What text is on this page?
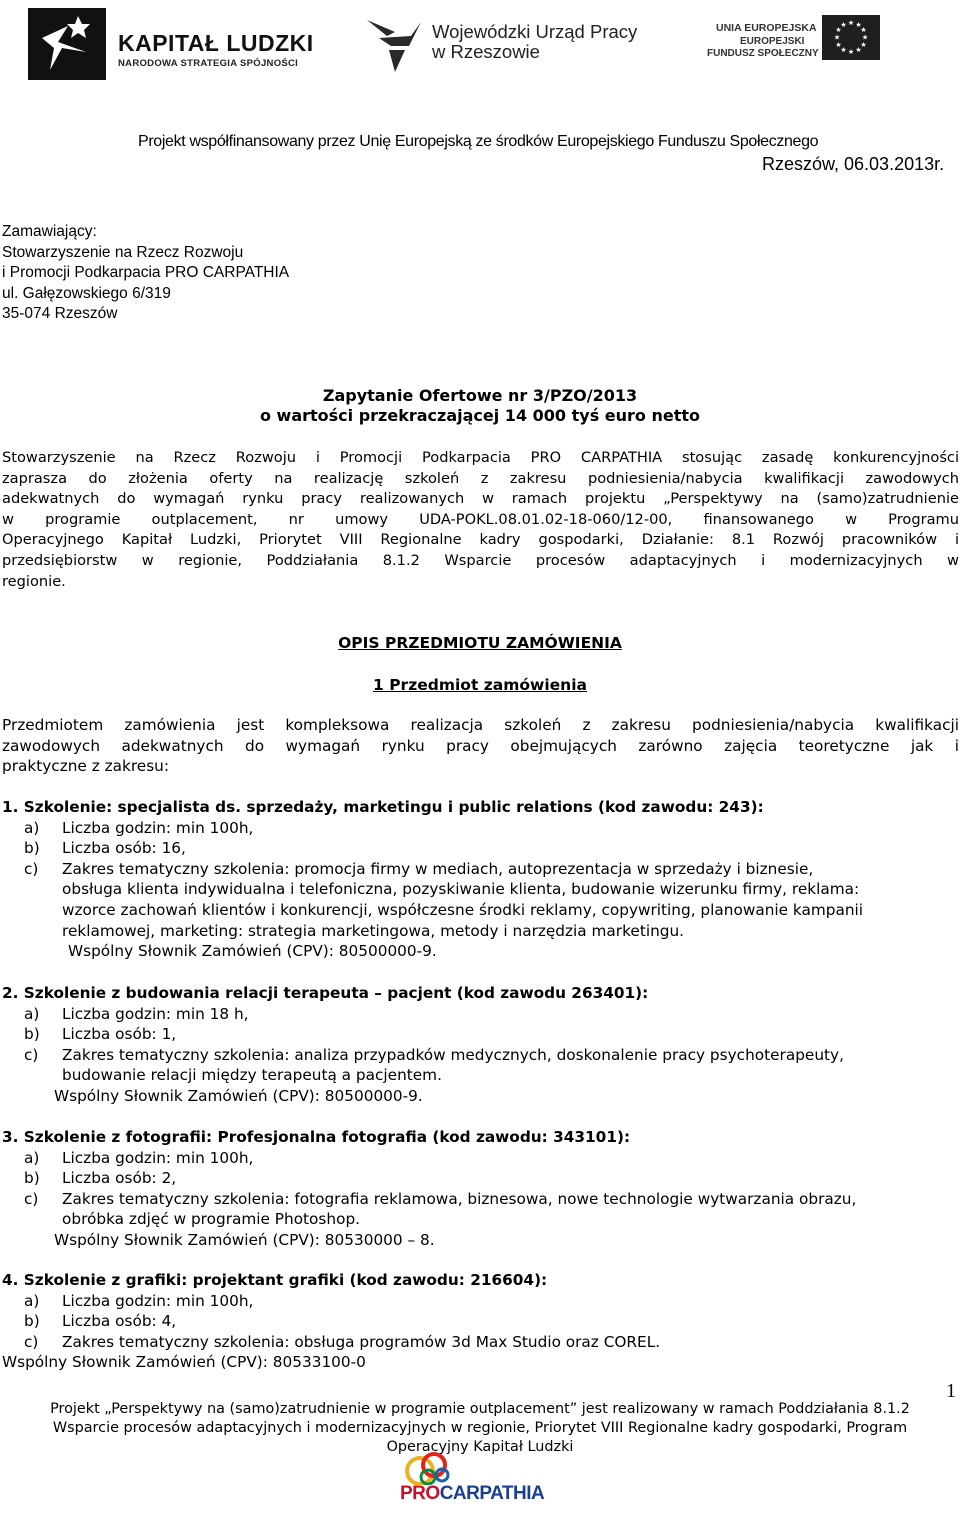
KAPITAŁ LUDZKI
NARODOWA STRATEGIA SPÓJNOŚCI
Wojewódzki Urząd Pracy
w Rzeszowie
UNIA EUROPEJSKA
EUROPEJSKI
FUNDUSZ SPOŁECZNY
★ ★
★
★
★
★
★
★
★
★
★
★
Projekt współfinansowany przez Unię Europejską ze środków Europejskiego Funduszu Społecznego
Rzeszów, 06.03.2013r.
Zamawiający:
Stowarzyszenie na Rzecz Rozwoju
i Promocji Podkarpacia PRO CARPATHIA
ul. Gałęzowskiego 6/319
35-074 Rzeszów
Zapytanie Ofertowe nr 3/PZO/2013
o wartości przekraczającej 14 000 tyś euro netto
Stowarzyszenie na Rzecz Rozwoju i Promocji Podkarpacia PRO CARPATHIA stosując zasadę konkurencyjności
zaprasza do złożenia oferty na realizację szkoleń z zakresu podniesienia/nabycia kwalifikacji zawodowych
adekwatnych do wymagań rynku pracy realizowanych w ramach projektu „Perspektywy na (samo)zatrudnienie
w programie outplacement, nr umowy UDA-POKL.08.01.02-18-060/12-00, finansowanego w Programu
Operacyjnego Kapitał Ludzki, Priorytet VIII Regionalne kadry gospodarki, Działanie: 8.1 Rozwój pracowników i
przedsiębiorstw w regionie, Poddziałania 8.1.2 Wsparcie procesów adaptacyjnych i modernizacyjnych w
regionie.
OPIS PRZEDMIOTU ZAMÓWIENIA
1 Przedmiot zamówienia
Przedmiotem zamówienia jest kompleksowa realizacja szkoleń z zakresu podniesienia/nabycia kwalifikacji
zawodowych adekwatnych do wymagań rynku pracy obejmujących zarówno zajęcia teoretyczne jak i
praktyczne z zakresu:
1. Szkolenie: specjalista ds. sprzedaży, marketingu i public relations (kod zawodu: 243):
a) Liczba godzin: min 100h,
b) Liczba osób: 16,
c) Zakres tematyczny szkolenia: promocja firmy w mediach, autoprezentacja w sprzedaży i biznesie,
obsługa klienta indywidualna i telefoniczna, pozyskiwanie klienta, budowanie wizerunku firmy, reklama:
wzorce zachowań klientów i konkurencji, współczesne środki reklamy, copywriting, planowanie kampanii
reklamowej, marketing: strategia marketingowa, metody i narzędzia marketingu.
Wspólny Słownik Zamówień (CPV): 80500000-9.
2. Szkolenie z budowania relacji terapeuta – pacjent (kod zawodu 263401):
a) Liczba godzin: min 18 h,
b) Liczba osób: 1,
c) Zakres tematyczny szkolenia: analiza przypadków medycznych, doskonalenie pracy psychoterapeuty,
budowanie relacji między terapeutą a pacjentem.
Wspólny Słownik Zamówień (CPV): 80500000-9.
3. Szkolenie z fotografii: Profesjonalna fotografia (kod zawodu: 343101):
a) Liczba godzin: min 100h,
b) Liczba osób: 2,
c) Zakres tematyczny szkolenia: fotografia reklamowa, biznesowa, nowe technologie wytwarzania obrazu,
obróbka zdjęć w programie Photoshop.
Wspólny Słownik Zamówień (CPV): 80530000 – 8.
4. Szkolenie z grafiki: projektant grafiki (kod zawodu: 216604):
a) Liczba godzin: min 100h,
b) Liczba osób: 4,
c) Zakres tematyczny szkolenia: obsługa programów 3d Max Studio oraz COREL.
Wspólny Słownik Zamówień (CPV): 80533100-0
1
Projekt „Perspektywy na (samo)zatrudnienie w programie outplacement” jest realizowany w ramach Poddziałania 8.1.2
Wsparcie procesów adaptacyjnych i modernizacyjnych w regionie, Priorytet VIII Regionalne kadry gospodarki, Program
Operacyjny Kapitał Ludzki
PROCARPATHIA
